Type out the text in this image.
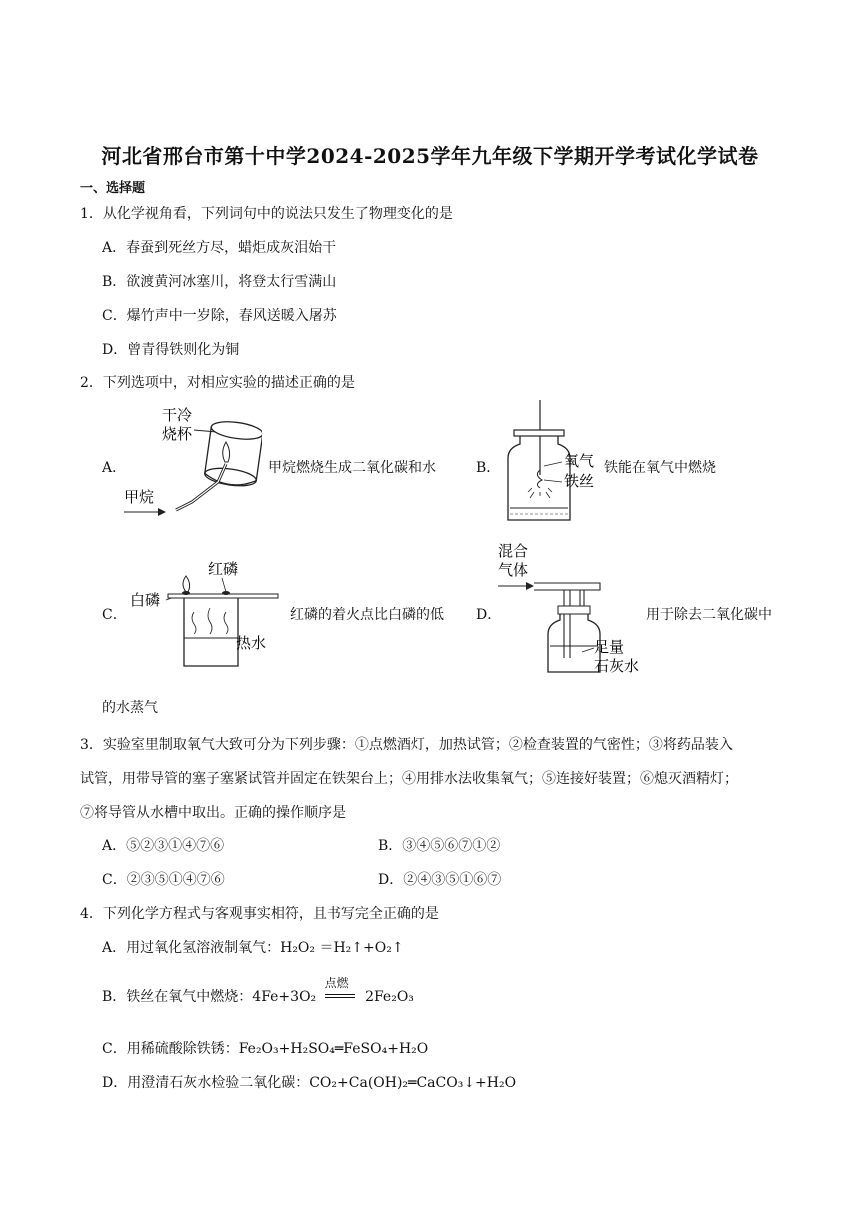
河北省邢台市第十中学2024-2025学年九年级下学期开学考试化学试卷
一、选择题
1．从化学视角看，下列词句中的说法只发生了物理变化的是
A．春蚕到死丝方尽，蜡炬成灰泪始干
B．欲渡黄河冰塞川，将登太行雪满山
C．爆竹声中一岁除，春风送暖入屠苏
D．曾青得铁则化为铜
2．下列选项中，对相应实验的描述正确的是
A．
干冷
烧杯
甲烷
甲烷燃烧生成二氧化碳和水	B．	氧气
铁丝
铁能在氧气中燃烧
C．
红磷
白磷
热水
红磷的着火点比白磷的低 D．
混合
气体
足量
石灰水
用于除去二氧化碳中
的水蒸气
3．实验室里制取氧气大致可分为下列步骤：①点燃酒灯，加热试管；②检查装置的气密性；③将药品装入
试管，用带导管的塞子塞紧试管并固定在铁架台上；④用排水法收集氧气；⑤连接好装置；⑥熄灭酒精灯；
⑦将导管从水槽中取出。正确的操作顺序是
A．⑤②③①④⑦⑥	B．③④⑤⑥⑦①②
C．②③⑤①④⑦⑥	D．②④③⑤①⑥⑦
4．下列化学方程式与客观事实相符，且书写完全正确的是
A．用过氧化氢溶液制氧气：H₂O₂ ＝H₂↑+O₂↑
B．铁丝在氧气中燃烧：4Fe+3O₂
点燃
2Fe₂O₃
C．用稀硫酸除铁锈：Fe₂O₃+H₂SO₄═FeSO₄+H₂O
D．用澄清石灰水检验二氧化碳：CO₂+Ca(OH)₂═CaCO₃↓+H₂O
